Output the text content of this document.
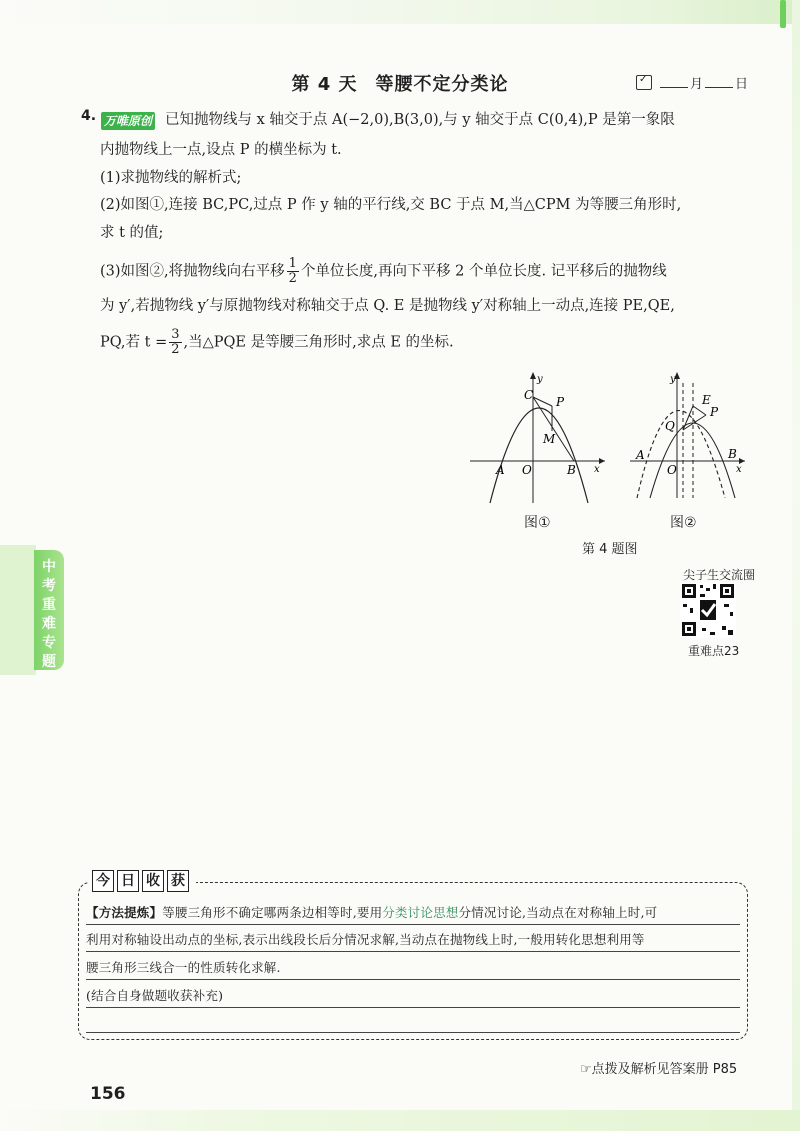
第 4 天 等腰不定分类论
✓	月 日
4. 万唯原创 已知抛物线与 x 轴交于点 A(−2,0),B(3,0),与 y 轴交于点 C(0,4),P 是第一象限
内抛物线上一点,设点 P 的横坐标为 t.
(1)求抛物线的解析式;
(2)如图①,连接 BC,PC,过点 P 作 y 轴的平行线,交 BC 于点 M,当△CPM 为等腰三角形时,
求 t 的值;
(3)如图②,将抛物线向右平移 $\frac{1}{2}$ 个单位长度,再向下平移 2 个单位长度. 记平移后的抛物线
为 y′,若抛物线 y′与原抛物线对称轴交于点 Q. E 是抛物线 y′对称轴上一动点,连接 PE,QE,
PQ,若 $t = \frac{3}{2}$ ,当△PQE 是等腰三角形时,求点 E 的坐标.
C P
M
A O	B x
y
E
P
Q
A
O
B
x
y
图①	图②
第 4 题图
尖子生交流圈
重难点23
中考重难专题
今 日 收 获
【方法提炼】等腰三角形不确定哪两条边相等时,要用分类讨论思想分情况讨论,当动点在对称轴上时,可
利用对称轴设出动点的坐标,表示出线段长后分情况求解,当动点在抛物线上时,一般用转化思想利用等
腰三角形三线合一的性质转化求解.
(结合自身做题收获补充)
☞点拨及解析见答案册 P85
156
